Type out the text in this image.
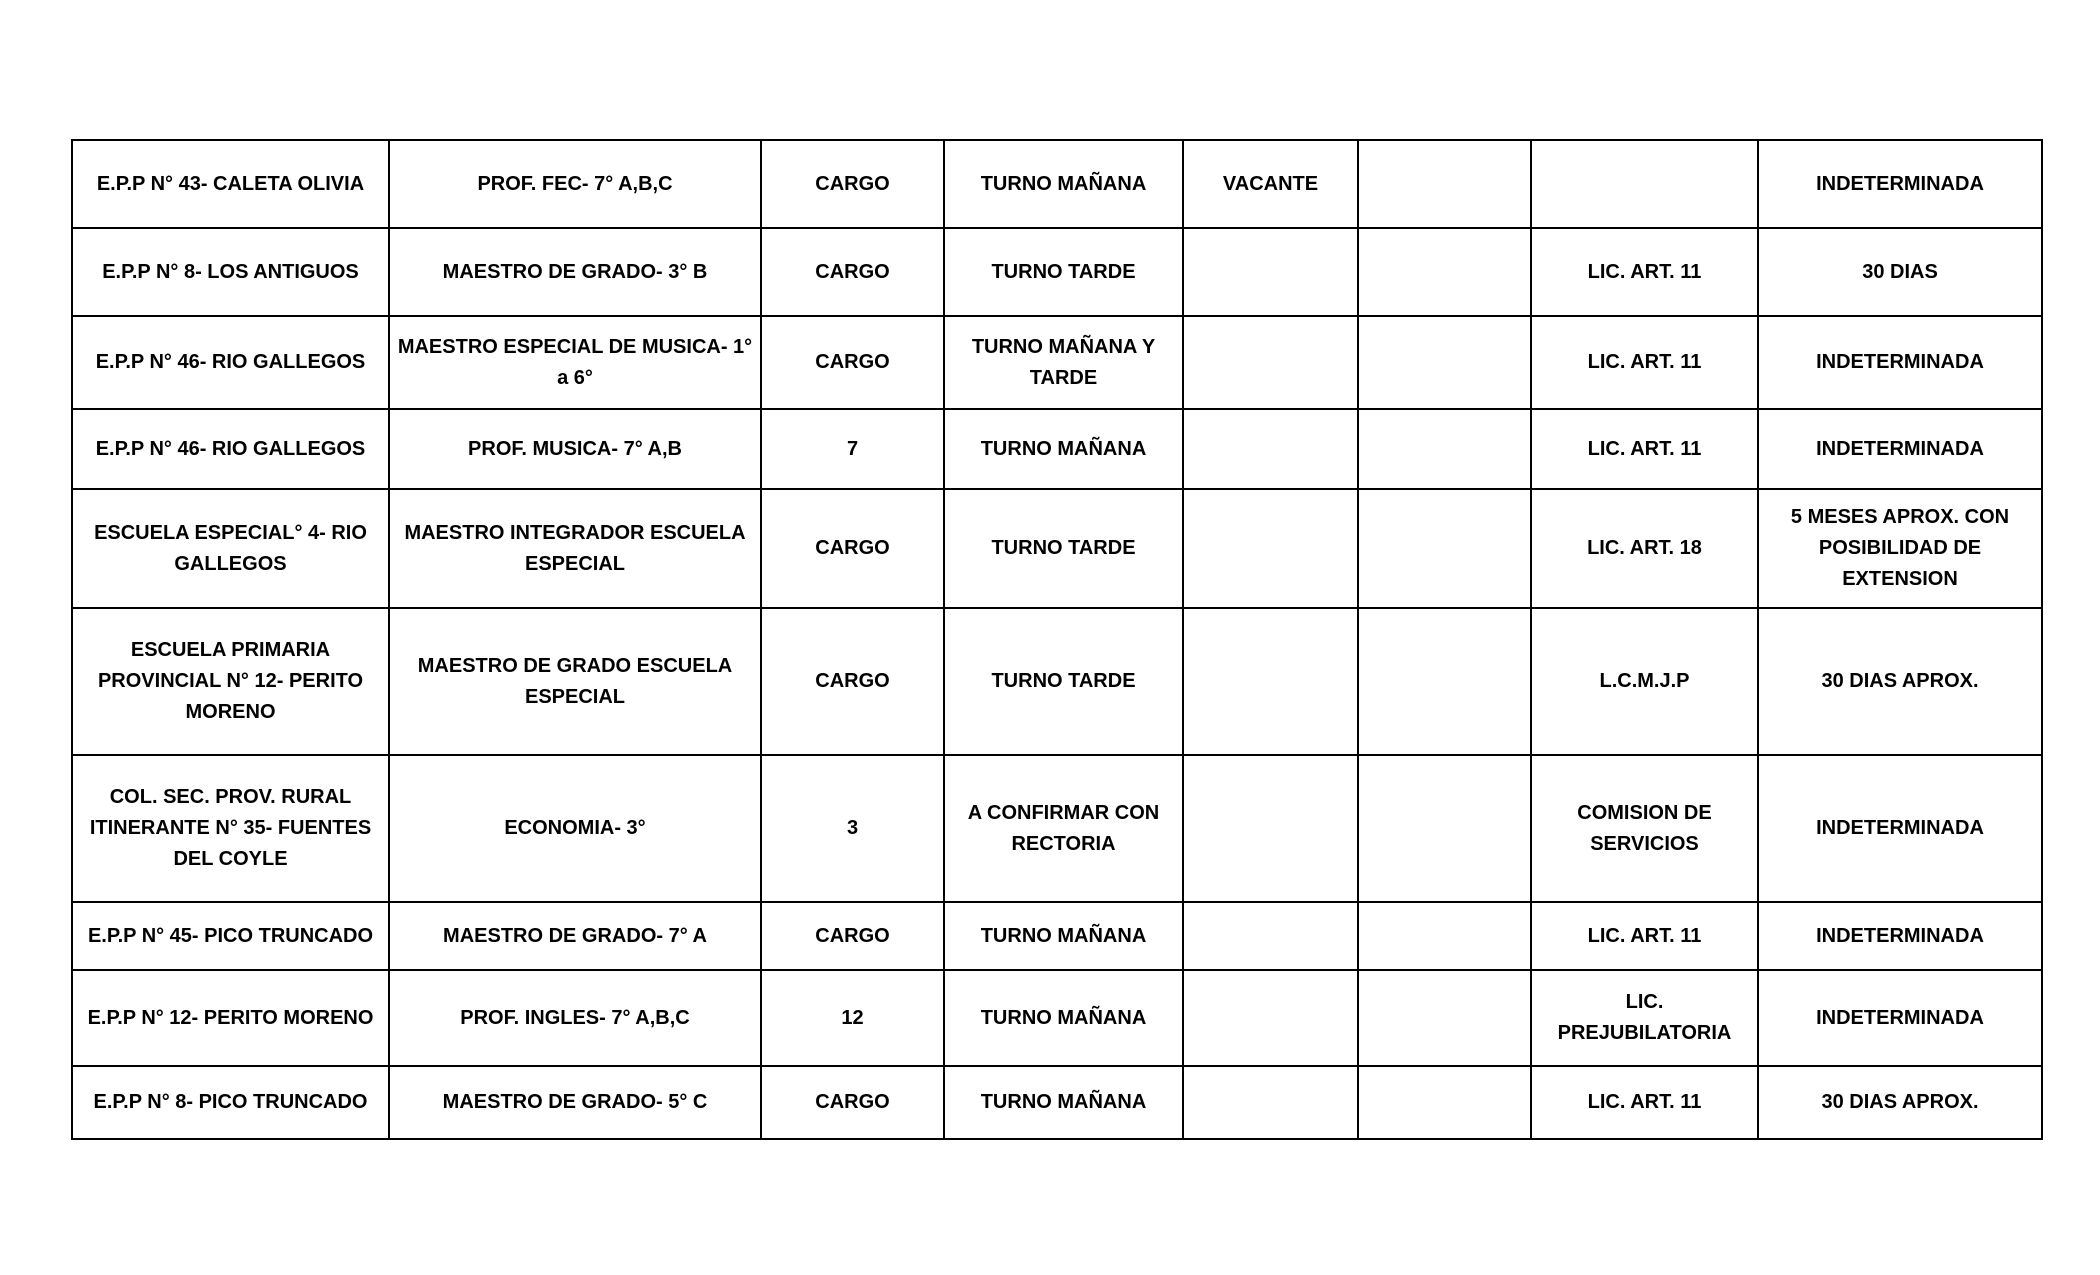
E.P.P N° 43- CALETA OLIVIA	PROF. FEC- 7° A,B,C	CARGO	TURNO MAÑANA	VACANTE			INDETERMINADA
E.P.P N° 8- LOS ANTIGUOS	MAESTRO DE GRADO- 3° B	CARGO	TURNO TARDE			LIC. ART. 11	30 DIAS
E.P.P N° 46- RIO GALLEGOS	MAESTRO ESPECIAL DE MUSICA- 1° a 6°	CARGO	TURNO MAÑANA Y TARDE			LIC. ART. 11	INDETERMINADA
E.P.P N° 46- RIO GALLEGOS	PROF. MUSICA- 7° A,B	7	TURNO MAÑANA			LIC. ART. 11	INDETERMINADA
ESCUELA ESPECIAL° 4- RIO GALLEGOS	MAESTRO INTEGRADOR ESCUELA ESPECIAL	CARGO	TURNO TARDE			LIC. ART. 18	5 MESES APROX. CON POSIBILIDAD DE EXTENSION
ESCUELA PRIMARIA PROVINCIAL N° 12- PERITO MORENO	MAESTRO DE GRADO ESCUELA ESPECIAL	CARGO	TURNO TARDE			L.C.M.J.P	30 DIAS APROX.
COL. SEC. PROV. RURAL ITINERANTE N° 35- FUENTES DEL COYLE	ECONOMIA- 3°	3	A CONFIRMAR CON RECTORIA			COMISION DE SERVICIOS	INDETERMINADA
E.P.P N° 45- PICO TRUNCADO	MAESTRO DE GRADO- 7° A	CARGO	TURNO MAÑANA			LIC. ART. 11	INDETERMINADA
E.P.P N° 12- PERITO MORENO	PROF. INGLES- 7° A,B,C	12	TURNO MAÑANA			LIC. PREJUBILATORIA	INDETERMINADA
E.P.P N° 8- PICO TRUNCADO	MAESTRO DE GRADO- 5° C	CARGO	TURNO MAÑANA			LIC. ART. 11	30 DIAS APROX.
